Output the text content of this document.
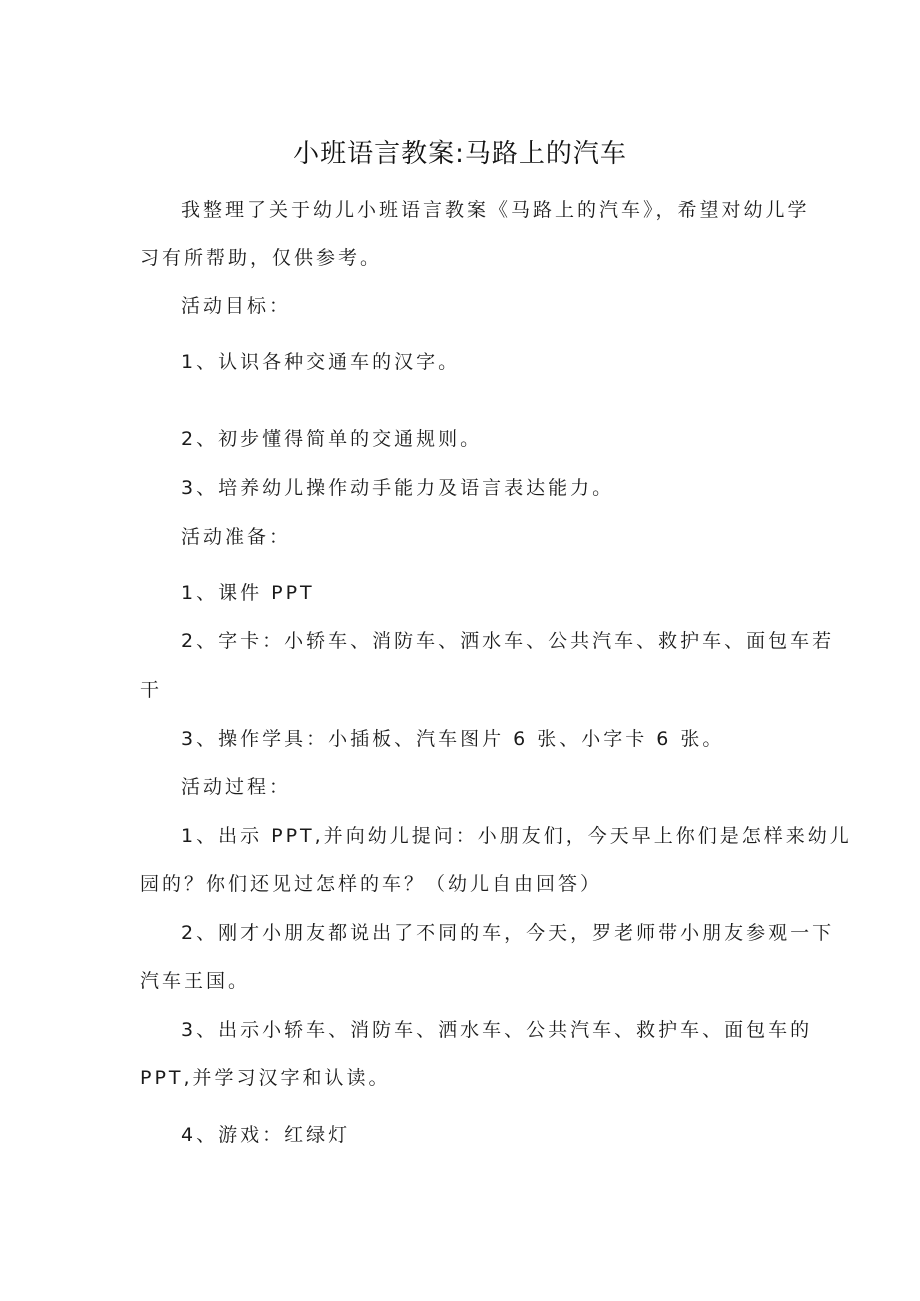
小班语言教案:马路上的汽车
我整理了关于幼儿小班语言教案《马路上的汽车》，希望对幼儿学
习有所帮助，仅供参考。
活动目标：
1、认识各种交通车的汉字。
2、初步懂得简单的交通规则。
3、培养幼儿操作动手能力及语言表达能力。
活动准备：
1、课件 PPT
2、字卡：小轿车、消防车、洒水车、公共汽车、救护车、面包车若
干
3、操作学具：小插板、汽车图片 6 张、小字卡 6 张。
活动过程：
1、出示 PPT,并向幼儿提问：小朋友们，今天早上你们是怎样来幼儿
园的？你们还见过怎样的车？（幼儿自由回答）
2、刚才小朋友都说出了不同的车，今天，罗老师带小朋友参观一下
汽车王国。
3、出示小轿车、消防车、洒水车、公共汽车、救护车、面包车的
PPT,并学习汉字和认读。
4、游戏：红绿灯
